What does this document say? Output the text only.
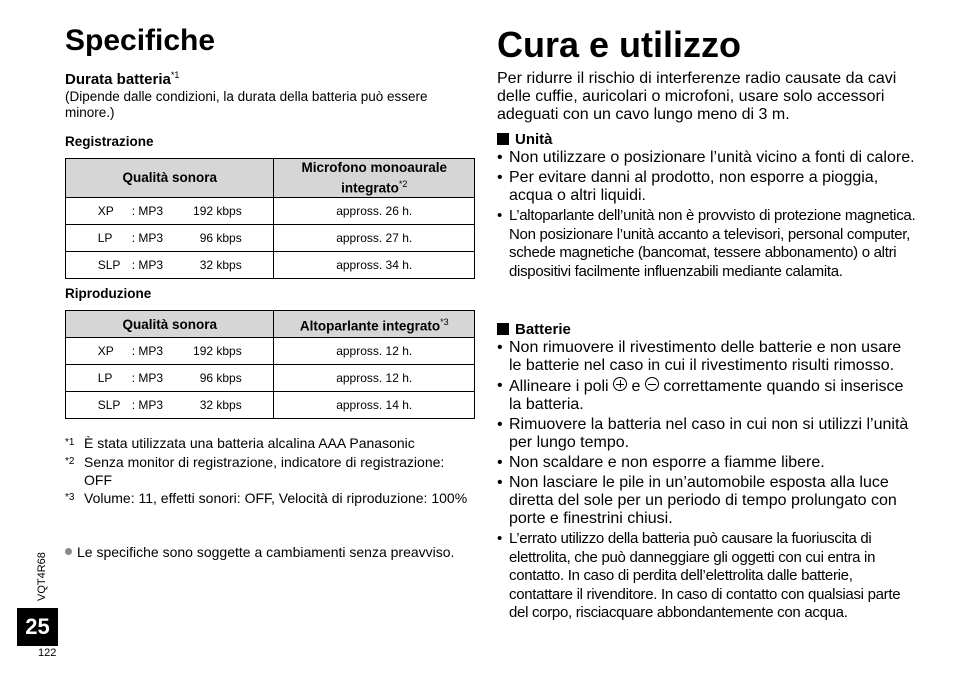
Specifiche
Durata batteria$^{*1}$
(Dipende dalle condizioni, la durata della batteria può essere minore.)
Registrazione
Qualità sonora	Microfono monoaurale integrato$^{*2}$
XP : MP3 192 kbps	appross. 26 h.
LP : MP3 96 kbps	appross. 27 h.
SLP : MP3 32 kbps	appross. 34 h.
Riproduzione
Qualità sonora	Altoparlante integrato$^{*3}$
XP : MP3 192 kbps	appross. 12 h.
LP : MP3 96 kbps	appross. 12 h.
SLP : MP3 32 kbps	appross. 14 h.
*1 È stata utilizzata una batteria alcalina AAA Panasonic
*2 Senza monitor di registrazione, indicatore di registrazione: OFF
*3 Volume: 11, effetti sonori: OFF, Velocità di riproduzione: 100%
Le specifiche sono soggette a cambiamenti senza preavviso.
VQT4R68
25
122
Cura e utilizzo
Per ridurre il rischio di interferenze radio causate da cavi delle cuffie, auricolari o microfoni, usare solo accessori adeguati con un cavo lungo meno di 3 m.
Unità
• Non utilizzare o posizionare l’unità vicino a fonti di calore.
• Per evitare danni al prodotto, non esporre a pioggia, acqua o altri liquidi.
• L’altoparlante dell’unità non è provvisto di protezione magnetica. Non posizionare l’unità accanto a televisori, personal computer, schede magnetiche (bancomat, tessere abbonamento) o altri dispositivi facilmente influenzabili mediante calamita.
Batterie
• Non rimuovere il rivestimento delle batterie e non usare le batterie nel caso in cui il rivestimento risulti rimosso.
• Allineare i poli e correttamente quando si inserisce la batteria.
• Rimuovere la batteria nel caso in cui non si utilizzi l’unità per lungo tempo.
• Non scaldare e non esporre a fiamme libere.
• Non lasciare le pile in un’automobile esposta alla luce diretta del sole per un periodo di tempo prolungato con porte e finestrini chiusi.
• L’errato utilizzo della batteria può causare la fuoriuscita di elettrolita, che può danneggiare gli oggetti con cui entra in contatto. In caso di perdita dell’elettrolita dalle batterie, contattare il rivenditore. In caso di contatto con qualsiasi parte del corpo, risciacquare abbondantemente con acqua.
